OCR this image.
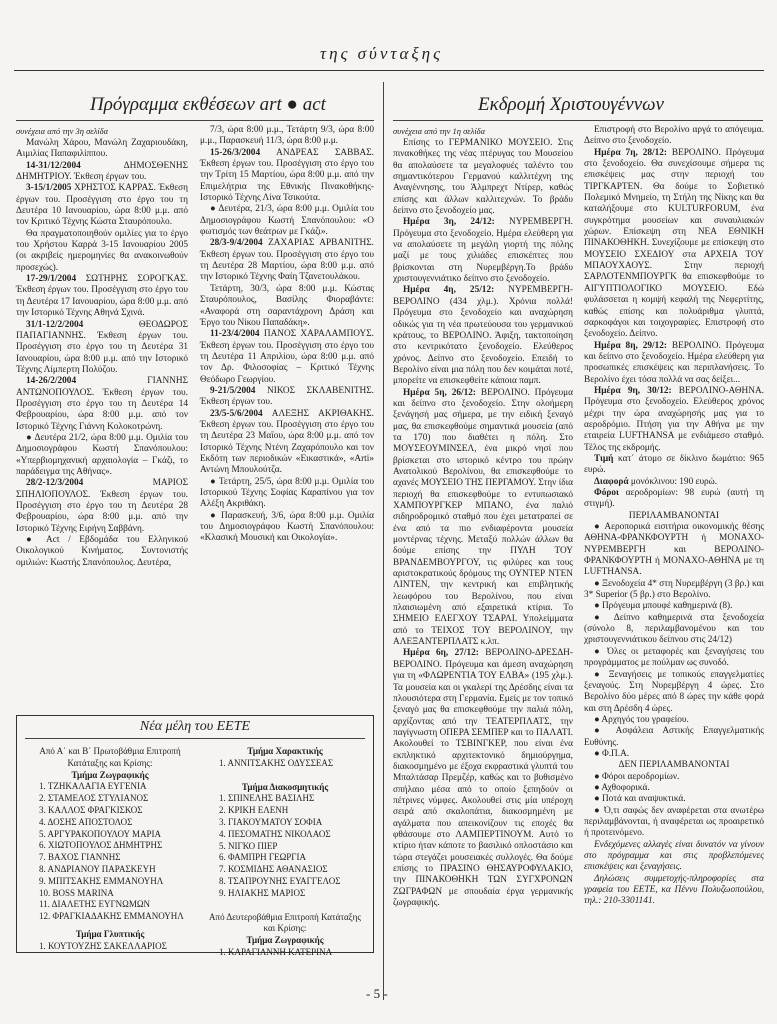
της σύνταξης
Πρόγραμμα εκθέσεων art ● act
συνέχεια από την 3η σελίδα

Μανώλη Χάρου, Μανώλη Ζαχαριουδάκη, Αιμιλίας Παπαφιλίππου.

14-31/12/2004 ΔΗΜΟΣΘΕΝΗΣ ΔΗΜΗΤΡΙΟΥ. Έκθεση έργων του.

3-15/1/2005 ΧΡΗΣΤΟΣ ΚΑΡΡΑΣ. Έκθεση έργων του. Προσέγγιση στο έργο του τη Δευτέρα 10 Ιανουαρίου, ώρα 8:00 μ.μ. από τον Κριτικό Τέχνης Κώστα Σταυρόπουλο.

Θα πραγματοποιηθούν ομιλίες για το έργο του Χρήστου Καρρά 3-15 Ιανουαρίου 2005 (οι ακριβείς ημερομηνίες θα ανακοινωθούν προσεχώς).

17-29/1/2004 ΣΩΤΗΡΗΣ ΣΟΡΟΓΚΑΣ. Έκθεση έργων του. Προσέγγιση στο έργο του τη Δευτέρα 17 Ιανουαρίου, ώρα 8:00 μ.μ. από την Ιστορικό Τέχνης Αθηνά Σχινά.

31/1-12/2/2004 ΘΕΟΔΩΡΟΣ ΠΑΠΑΓΙΑΝΝΗΣ. Έκθεση έργων του. Προσέγγιση στο έργο του τη Δευτέρα 31 Ιανουαρίου, ώρα 8:00 μ.μ. από την Ιστορικό Τέχνης Λίμπερτη Πολύζου.

14-26/2/2004 ΓΙΑΝΝΗΣ ΑΝΤΩΝΟΠΟΥΛΟΣ. Έκθεση έργων του. Προσέγγιση στο έργο του τη Δευτέρα 14 Φεβρουαρίου, ώρα 8:00 μ.μ. από τον Ιστορικό Τέχνης Γιάννη Κολοκοτρώνη.

● Δευτέρα 21/2, ώρα 8:00 μ.μ. Ομιλία του Δημοσιογράφου Κωστή Σπανόπουλου: «Υπερβιομηχανική αρχαιολογία – Γκάζι, το παράδειγμα της Αθήνας».

28/2-12/3/2004 ΜΑΡΙΟΣ ΣΠΗΛΙΟΠΟΥΛΟΣ. Έκθεση έργων του. Προσέγγιση στο έργο του τη Δευτέρα 28 Φεβρουαρίου, ώρα 8:00 μ.μ. από την Ιστορικό Τέχνης Ειρήνη Σαββάνη.

● Act / Εβδομάδα του Ελληνικού Οικολογικού Κινήματος. Συντονιστής ομιλιών: Κωστής Σπανόπουλος. Δευτέρα,

7/3, ώρα 8:00 μ.μ., Τετάρτη 9/3, ώρα 8:00 μ.μ., Παρασκευή 11/3, ώρα 8:00 μ.μ.

15-26/3/2004 ΑΝΔΡΕΑΣ ΣΑΒΒΑΣ. Έκθεση έργων του. Προσέγγιση στο έργο του την Τρίτη 15 Μαρτίου, ώρα 8:00 μ.μ. από την Επιμελήτρια της Εθνικής Πινακοθήκης-Ιστορικό Τέχνης Λίνα Τσικούτα.

● Δευτέρα, 21/3, ώρα 8:00 μ.μ. Ομιλία του Δημοσιογράφου Κωστή Σπανόπουλου: «Ο φωτισμός των θεάτρων με Γκάζι».

28/3-9/4/2004 ΖΑΧΑΡΙΑΣ ΑΡΒΑΝΙΤΗΣ. Έκθεση έργων του. Προσέγγιση στο έργο του τη Δευτέρα 28 Μαρτίου, ώρα 8:00 μ.μ. από την Ιστορικό Τέχνης Φαίη Τζανετουλάκου.

Τετάρτη, 30/3, ώρα 8:00 μ.μ. Κώστας Σταυρόπουλος, Βασίλης Φιοραβάντε: «Αναφορά στη σαραντάχρονη Δράση και Έργο του Νίκου Παπαδάκη».

11-23/4/2004 ΠΑΝΟΣ ΧΑΡΑΛΑΜΠΟΥΣ. Έκθεση έργων του. Προσέγγιση στο έργο του τη Δευτέρα 11 Απριλίου, ώρα 8:00 μ.μ. από τον Δρ. Φιλοσοφίας – Κριτικό Τέχνης Θεόδωρο Γεωργίου.

9-21/5/2004 ΝΙΚΟΣ ΣΚΛΑΒΕΝΙΤΗΣ. Έκθεση έργων του.

23/5-5/6/2004 ΑΛΕΞΗΣ ΑΚΡΙΘΑΚΗΣ. Έκθεση έργων του. Προσέγγιση στο έργο του τη Δευτέρα 23 Μαΐου, ώρα 8:00 μ.μ. από τον Ιστορικό Τέχνης Ντένη Ζαχαρόπουλο και τον Εκδότη των περιοδικών «Εικαστικά», «Arti» Αντώνη Μπουλούτζα.

● Τετάρτη, 25/5, ώρα 8:00 μ.μ. Ομιλία του Ιστορικού Τέχνης Σοφίας Καραπίνου για τον Αλέξη Ακριθάκη.

● Παρασκευή, 3/6, ώρα 8:00 μ.μ. Ομιλία του Δημοσιογράφου Κωστή Σπανόπουλου: «Κλασική Μουσική και Οικολογία».

Νέα μέλη του ΕΕΤΕ
Από Α΄ και Β΄ Πρωτοβάθμια Επιτροπή Κατάταξης και Κρίσης:
Τμήμα Ζωγραφικής
1. ΤΖΗΚΑΛΑΓΙΑ ΕΥΓΕΝΙΑ
2. ΣΤΑΜΕΛΟΣ ΣΤΥΛΙΑΝΟΣ
3. ΚΑΛΛΟΣ ΦΡΑΓΚΙΣΚΟΣ
4. ΔΟΣΗΣ ΑΠΟΣΤΟΛΟΣ
5. ΑΡΓΥΡΑΚΟΠΟΥΛΟΥ ΜΑΡΙΑ
6. ΧΙΩΤΟΠΟΥΛΟΣ ΔΗΜΗΤΡΗΣ
7. ΒΑΧΟΣ ΓΙΑΝΝΗΣ
8. ΑΝΔΡΙΑΝΟΥ ΠΑΡΑΣΚΕΥΗ
9. ΜΠΙΤΣΑΚΗΣ ΕΜΜΑΝΟΥΗΛ
10. BOSS MARINA
11. ΔΙΑΛΕΤΗΣ ΕΥΓΝΩΜΩΝ
12. ΦΡΑΓΚΙΑΔΑΚΗΣ ΕΜΜΑΝΟΥΗΛ
Τμήμα Γλυπτικής
1. ΚΟΥΤΟΥΖΗΣ ΣΑΚΕΛΛΑΡΙΟΣ
Τμήμα Χαρακτικής
1. ΑΝΝΙΤΣΑΚΗΣ ΟΔΥΣΣΕΑΣ
Τμήμα Διακοσμητικής
1. ΣΠΙΝΕΛΗΣ ΒΑΣΙΛΗΣ
2. ΚΡΙΚΗ ΕΛΕΝΗ
3. ΓΙΑΚΟΥΜΑΤΟΥ ΣΟΦΙΑ
4. ΠΕΣΟΜΑΤΗΣ ΝΙΚΟΛΑΟΣ
5. ΝΙΓΚΟ ΠΙΕΡ
6. ΦΑΜΠΡΗ ΓΕΩΡΓΙΑ
7. ΚΟΣΜΙΔΗΣ ΑΘΑΝΑΣΙΟΣ
8. ΤΣΑΠΡΟΥΝΗΣ ΕΥΑΓΓΕΛΟΣ
9. ΗΛΙΑΚΗΣ ΜΑΡΙΟΣ
Από Δευτεροβάθμια Επιτροπή Κατάταξης και Κρίσης:
Τμήμα Ζωγραφικής
1. ΚΑΡΑΓΙΑΝΝΗ ΚΑΤΕΡΙΝΑ
Εκδρομή Χριστουγέννων
συνέχεια από την 1η σελίδα

Επίσης το ΓΕΡΜΑΝΙΚΟ ΜΟΥΣΕΙΟ. Στις πινακοθήκες της νέας πτέρυγας του Μουσείου θα απολαύσετε τα μεγαλοφυές ταλέντο του σημαντικότερου Γερμανού καλλιτέχνη της Αναγέννησης, του Άλμπρεχτ Ντίρερ, καθώς επίσης και άλλων καλλιτεχνών. Το βράδυ δείπνο στο ξενοδοχείο μας.

Ημέρα 3η, 24/12: ΝΥΡΕΜΒΕΡΓΗ. Πρόγευμα στο ξενοδοχείο. Ημέρα ελεύθερη για να απολαύσετε τη μεγάλη γιορτή της πόλης μαζί με τους χιλιάδες επισκέπτες που βρίσκονται στη Νυρεμβέργη.Το βράδυ χριστουγεννιάτικο δείπνο στο ξενοδοχείο.

Ημέρα 4η, 25/12: ΝΥΡΕΜΒΕΡΓΗ-ΒΕΡΟΛΙΝΟ (434 χλμ.). Χρόνια πολλά! Πρόγευμα στο ξενοδοχείο και αναχώρηση οδικώς για τη νέα πρωτεύουσα του γερμανικού κράτους, το ΒΕΡΟΛΙΝΟ. Άφιξη, τακτοποίηση στο κεντρικότατο ξενοδοχείο. Ελεύθερος χρόνος. Δείπνο στο ξενοδοχείο. Επειδή το Βερολίνο είναι μια πόλη που δεν κοιμάται ποτέ, μπορείτε να επισκεφθείτε κάποια παμπ.

Ημέρα 5η, 26/12: ΒΕΡΟΛΙΝΟ. Πρόγευμα και δείπνο στο ξενοδοχείο. Στην ολοήμερη ξενάγησή μας σήμερα, με την ειδική ξεναγό μας, θα επισκεφθούμε σημαντικά μουσεία (από τα 170) που διαθέτει η πόλη. Στο ΜΟΥΣΕΟΥΜΙΝΣΕΛ, ένα μικρό νησί που βρίσκεται στο ιστορικό κέντρο του πρώην Ανατολικού Βερολίνου, θα επισκεφθούμε το αχανές ΜΟΥΣΕΙΟ ΤΗΣ ΠΕΡΓΑΜΟΥ. Στην ίδια περιοχή θα επισκεφθούμε το εντυπωσιακό ΧΑΜΠΟΥΡΓΚΕΡ ΜΠΑΝΟ, ένα παλιό σιδηροδρομικό σταθμό που έχει μετατραπεί σε ένα από τα πιο ενδιαφέροντα μουσεία μοντέρνας τέχνης. Μεταξύ πολλών άλλων θα δούμε επίσης την ΠΥΛΗ ΤΟΥ ΒΡΑΝΔΕΜΒΟΥΡΓΟΥ, τις φιλύρες και τους αριστοκρατικούς δρόμους της ΟΥΝΤΕΡ ΝΤΕΝ ΛΙΝΤΕΝ, την κεντρική και επιβλητικής λεωφόρου του Βερολίνου, που είναι πλαισιωμένη από εξαιρετικά κτίρια. Το ΣΗΜΕΙΟ ΕΛΕΓΧΟΥ ΤΣΑΡΛΙ. Υπολείμματα από το ΤΕΙΧΟΣ ΤΟΥ ΒΕΡΟΛΙΝΟΥ, την ΑΛΕΞΑΝΤΕΡΠΛΑΤΣ κ.λπ.

Ημέρα 6η, 27/12: ΒΕΡΟΛΙΝΟ-ΔΡΕΣΔΗ-ΒΕΡΟΛΙΝΟ. Πρόγευμα και άμεση αναχώρηση για τη «ΦΛΩΡΕΝΤΙΑ ΤΟΥ ΕΛΒΑ» (195 χλμ.). Τα μουσεία και οι γκαλερί της Δρέσδης είναι τα πλουσιότερα στη Γερμανία. Εμείς με τον τοπικό ξεναγό μας θα επισκεφθούμε την παλιά πόλη, αρχίζοντας από την ΤΕΑΤΕΡΠΛΑΤΣ, την παγίγνωστη ΟΠΕΡΑ ΣΕΜΠΕΡ και το ΠΑΛΑΤΙ. Ακολουθεί το ΤΣΒΙΝΓΚΕΡ, που είναι ένα εκπληκτικό αρχιτεκτονικό δημιούργημα, διακοσμημένο με έξοχα εκφραστικά γλυπτά του Μπαλτάσαρ Πρεμζέρ, καθώς και το βυθισμένο σπήλαιο μέσα από το οποίο ξεπηδούν οι πέτρινες νύμφες. Ακολουθεί στις μία υπέροχη σειρά από σκαλοπάτια, διακοσμημένη με αγάλματα που απεικονίζουν τις εποχές θα φθάσουμε στο ΛΑΜΠΕΡΤΙΝΟΥΜ. Αυτό το κτίριο ήταν κάποτε το βασιλικό οπλοστάσιο και τώρα στεγάζει μουσειακές συλλογές. Θα δούμε επίσης το ΠΡΑΣΙΝΟ ΘΗΣΑΥΡΟΦΥΛΑΚΙΟ, την ΠΙΝΑΚΟΘΗΚΗ ΤΩΝ ΣΥΓΧΡΟΝΩΝ ΖΩΓΡΑΦΩΝ με σπουδαία έργα γερμανικής ζωγραφικής.

Επιστροφή στο Βερολίνο αργά το απόγευμα. Δείπνο στο ξενοδοχείο.

Ημέρα 7η, 28/12: ΒΕΡΟΛΙΝΟ. Πρόγευμα στο ξενοδοχείο. Θα συνεχίσουμε σήμερα τις επισκέψεις μας στην περιοχή του ΤΙΡΓΚΑΡΤΕΝ. Θα δούμε το Σοβιετικό Πολεμικό Μνημείο, τη Στήλη της Νίκης και θα καταλήξουμε στο KULTURFORUM, ένα συγκρότημα μουσείων και συναυλιακών χώρων. Επίσκεψη στη ΝΕΑ ΕΘΝΙΚΗ ΠΙΝΑΚΟΘΗΚΗ. Συνεχίζουμε με επίσκεψη στο ΜΟΥΣΕΙΟ ΣΧΕΔΙΟΥ στα ΑΡΧΕΙΑ ΤΟΥ ΜΠΑΟΥΧΑΟΥΣ. Στην περιοχή ΣΑΡΛΟΤΕΝΜΠΟΥΡΓΚ θα επισκεφθούμε το ΑΙΓΥΠΤΙΟΛΟΓΙΚΟ ΜΟΥΣΕΙΟ. Εδώ φυλάσσεται η κομψή κεφαλή της Νεφερτίτης, καθώς επίσης και πολυάριθμα γλυπτά, σαρκοφάγοι και τοιχογραφίες. Επιστροφή στο ξενοδοχείο. Δείπνο.

Ημέρα 8η, 29/12: ΒΕΡΟΛΙΝΟ. Πρόγευμα και δείπνο στο ξενοδοχείο. Ημέρα ελεύθερη για προσωπικές επισκέψεις και περιπλανήσεις. Το Βερολίνο έχει τόσα πολλά να σας δείξει...

Ημέρα 9η, 30/12: ΒΕΡΟΛΙΝΟ-ΑΘΗΝΑ. Πρόγευμα στο ξενοδοχείο. Ελεύθερος χρόνος μέχρι την ώρα αναχώρησής μας για το αεροδρόμιο. Πτήση για την Αθήνα με την εταιρεία LUFTHANSA με ενδιάμεσο σταθμό. Τέλος της εκδρομής.

Τιμή κατ΄ άτομο σε δίκλινο δωμάτιο: 965 ευρώ.

Διαφορά μονόκλινου: 190 ευρώ.

Φόροι αεροδρομίων: 98 ευρώ (αυτή τη στιγμή).

ΠΕΡΙΛΑΜΒΑΝΟΝΤΑΙ

● Αεροπορικά εισιτήρια οικονομικής θέσης ΑΘΗΝΑ-ΦΡΑΝΚΦΟΥΡΤΗ ή ΜΟΝΑΧΟ-ΝΥΡΕΜΒΕΡΓΗ και ΒΕΡΟΛΙΝΟ-ΦΡΑΝΚΦΟΥΡΤΗ ή ΜΟΝΑΧΟ-ΑΘΗΝΑ με τη LUFTHANSA.

● Ξενοδοχεία 4* στη Νυρεμβέργη (3 βρ.) και 3* Superior (5 βρ.) στο Βερολίνο.

● Πρόγευμα μπουφέ καθημερινά (8).

● Δείπνο καθημερινά στα ξενοδοχεία (σύνολο 8, περιλαμβανομένου και του χριστουγεννιάτικου δείπνου στις 24/12)

● Όλες οι μεταφορές και ξεναγήσεις του προγράμματος με πούλμαν ως συνοδό.

● Ξεναγήσεις με τοπικούς επαγγελματίες ξεναγούς. Στη Νυρεμβέργη 4 ώρες. Στο Βερολίνο δύο μέρες από 8 ώρες την κάθε φορά και στη Δρέσδη 4 ώρες.

● Αρχηγός του γραφείου.

● Ασφάλεια Αστικής Επαγγελματικής Ευθύνης.

● Φ.Π.Α.

ΔΕΝ ΠΕΡΙΛΑΜΒΑΝΟΝΤΑΙ

● Φόροι αεροδρομίων.

● Αχθοφορικά.

● Ποτά και αναψυκτικά.

● Ό,τι σαφώς δεν αναφέρεται στα ανωτέρω περιλαμβάνονται, ή αναφέρεται ως προαιρετικό ή προτεινόμενο.

Ενδεχόμενες αλλαγές είναι δυνατόν να γίνουν στο πρόγραμμα και στις προβλεπόμενες επισκέψεις και ξεναγήσεις.

Δηλώσεις συμμετοχής-πληροφορίες στα γραφεία του ΕΕΤΕ, κα Πέννυ Πολυζωοπούλου, τηλ.: 210-3301141.

- 5 -
